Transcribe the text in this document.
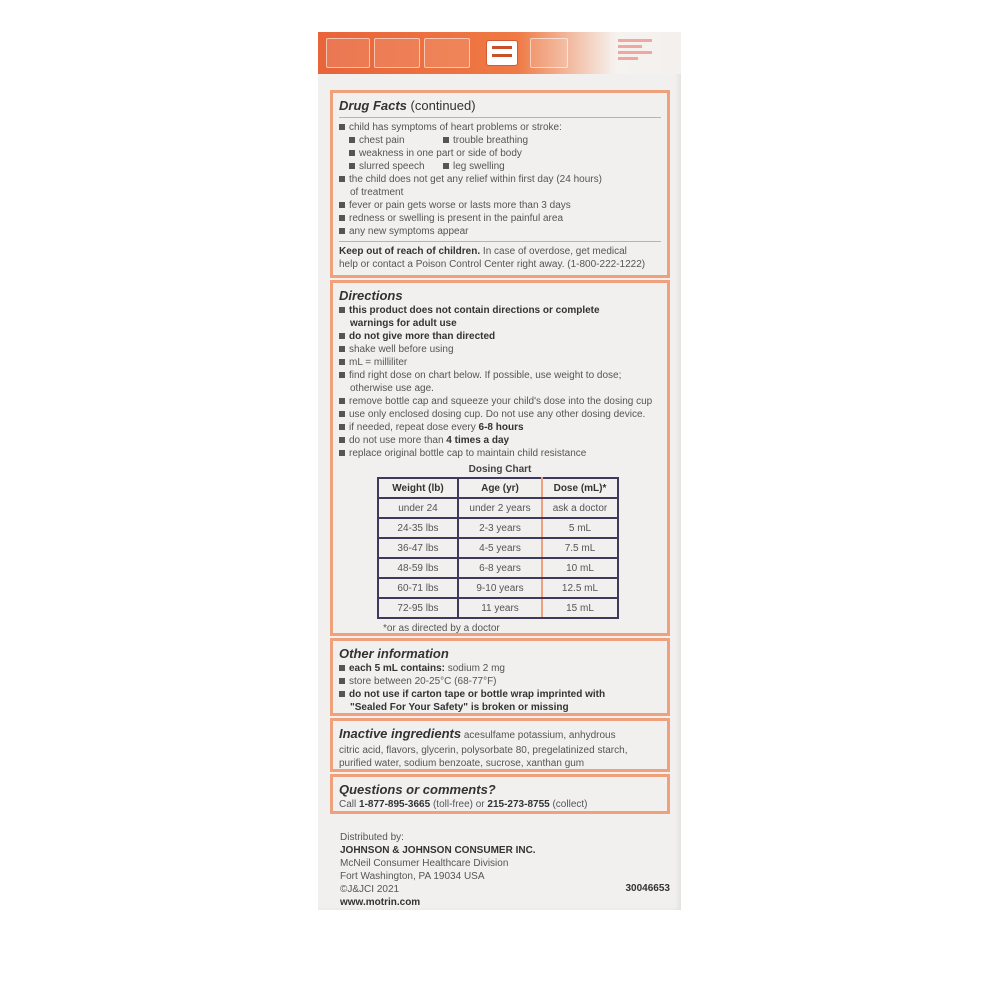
Drug Facts (continued)
child has symptoms of heart problems or stroke:
chest pain	trouble breathing
weakness in one part or side of body
slurred speech	leg swelling
the child does not get any relief within first day (24 hours)
of treatment
fever or pain gets worse or lasts more than 3 days
redness or swelling is present in the painful area
any new symptoms appear
Keep out of reach of children. In case of overdose, get medical
help or contact a Poison Control Center right away. (1-800-222-1222)
Directions
this product does not contain directions or complete
warnings for adult use
do not give more than directed
shake well before using
mL = milliliter
find right dose on chart below. If possible, use weight to dose;
otherwise use age.
remove bottle cap and squeeze your child's dose into the dosing cup
use only enclosed dosing cup. Do not use any other dosing device.
if needed, repeat dose every 6-8 hours
do not use more than 4 times a day
replace original bottle cap to maintain child resistance
Dosing Chart
Weight (lb)	Age (yr)	Dose (mL)*
under 24	under 2 years	ask a doctor
24-35 lbs	2-3 years	5 mL
36-47 lbs	4-5 years	7.5 mL
48-59 lbs	6-8 years	10 mL
60-71 lbs	9-10 years	12.5 mL
72-95 lbs	11 years	15 mL
*or as directed by a doctor
Other information
each 5 mL contains: sodium 2 mg
store between 20-25°C (68-77°F)
do not use if carton tape or bottle wrap imprinted with
"Sealed For Your Safety" is broken or missing
Inactive ingredients acesulfame potassium, anhydrous
citric acid, flavors, glycerin, polysorbate 80, pregelatinized starch,
purified water, sodium benzoate, sucrose, xanthan gum
Questions or comments?
Call 1-877-895-3665 (toll-free) or 215-273-8755 (collect)
Distributed by:
JOHNSON & JOHNSON CONSUMER INC.
McNeil Consumer Healthcare Division
Fort Washington, PA 19034 USA
©J&JCI 2021
www.motrin.com
30046653
